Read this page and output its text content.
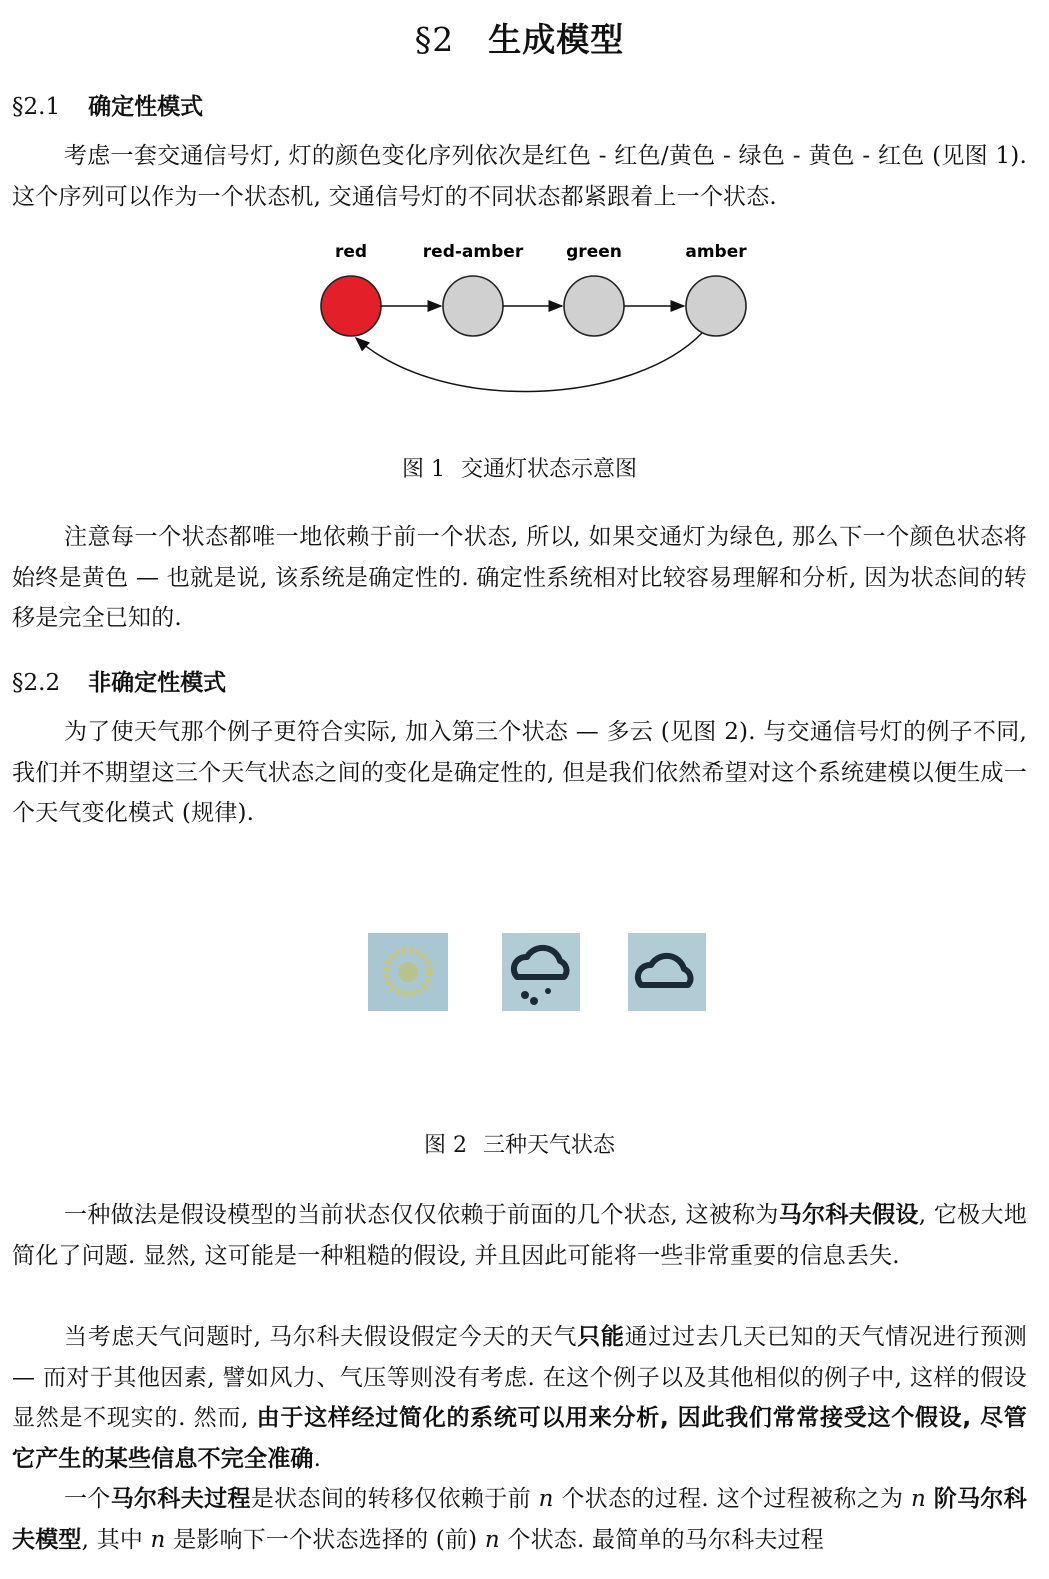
§2 生成模型
§2.1 确定性模式

考虑一套交通信号灯, 灯的颜色变化序列依次是红色 - 红色/黄色 - 绿色 - 黄色 - 红色 (见图 1). 这个序列可以作为一个状态机, 交通信号灯的不同状态都紧跟着上一个状态.

red	red-amber	green	amber
图 1 交通灯状态示意图

注意每一个状态都唯一地依赖于前一个状态, 所以, 如果交通灯为绿色, 那么下一个颜色状态将始终是黄色 — 也就是说, 该系统是确定性的. 确定性系统相对比较容易理解和分析, 因为状态间的转移是完全已知的.

§2.2 非确定性模式

为了使天气那个例子更符合实际, 加入第三个状态 — 多云 (见图 2). 与交通信号灯的例子不同, 我们并不期望这三个天气状态之间的变化是确定性的, 但是我们依然希望对这个系统建模以便生成一个天气变化模式 (规律).

图 2 三种天气状态

一种做法是假设模型的当前状态仅仅依赖于前面的几个状态, 这被称为马尔科夫假设, 它极大地简化了问题. 显然, 这可能是一种粗糙的假设, 并且因此可能将一些非常重要的信息丢失.

当考虑天气问题时, 马尔科夫假设假定今天的天气只能通过过去几天已知的天气情况进行预测 — 而对于其他因素, 譬如风力、气压等则没有考虑. 在这个例子以及其他相似的例子中, 这样的假设显然是不现实的. 然而, 由于这样经过简化的系统可以用来分析, 因此我们常常接受这个假设, 尽管它产生的某些信息不完全准确.

一个马尔科夫过程是状态间的转移仅依赖于前 n 个状态的过程. 这个过程被称之为 n 阶马尔科夫模型, 其中 n 是影响下一个状态选择的 (前) n 个状态. 最简单的马尔科夫过程
